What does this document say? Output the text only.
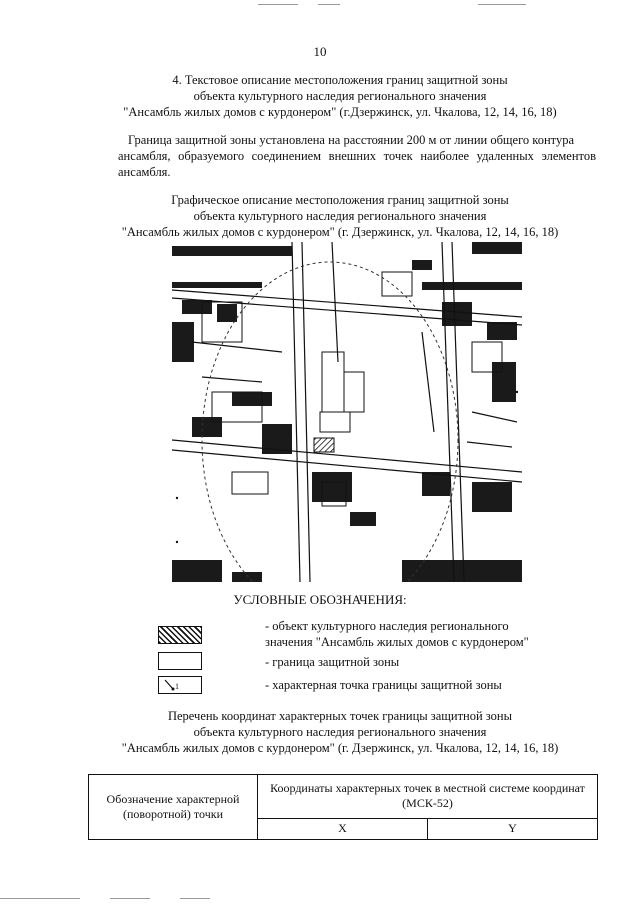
10
4. Текстовое описание местоположения границ защитной зоны
объекта культурного наследия регионального значения
"Ансамбль жилых домов с курдонером" (г.Дзержинск, ул. Чкалова, 12, 14, 16, 18)
Граница защитной зоны установлена на расстоянии 200 м от линии общего контура
ансамбля, образуемого соединением внешних точек наиболее удаленных элементов
ансамбля.
Графическое описание местоположения границ защитной зоны
объекта культурного наследия регионального значения
"Ансамбль жилых домов с курдонером" (г. Дзержинск, ул. Чкалова, 12, 14, 16, 18)
УСЛОВНЫЕ ОБОЗНАЧЕНИЯ:
- объект культурного наследия регионального
значения "Ансамбль жилых домов с курдонером"
- граница защитной зоны
1	- характерная точка границы защитной зоны
Перечень координат характерных точек границы защитной зоны
объекта культурного наследия регионального значения
"Ансамбль жилых домов с курдонером" (г. Дзержинск, ул. Чкалова, 12, 14, 16, 18)
Обозначение характерной (поворотной) точки	Координаты характерных точек в местной системе координат (МСК-52)	
	X	Y
